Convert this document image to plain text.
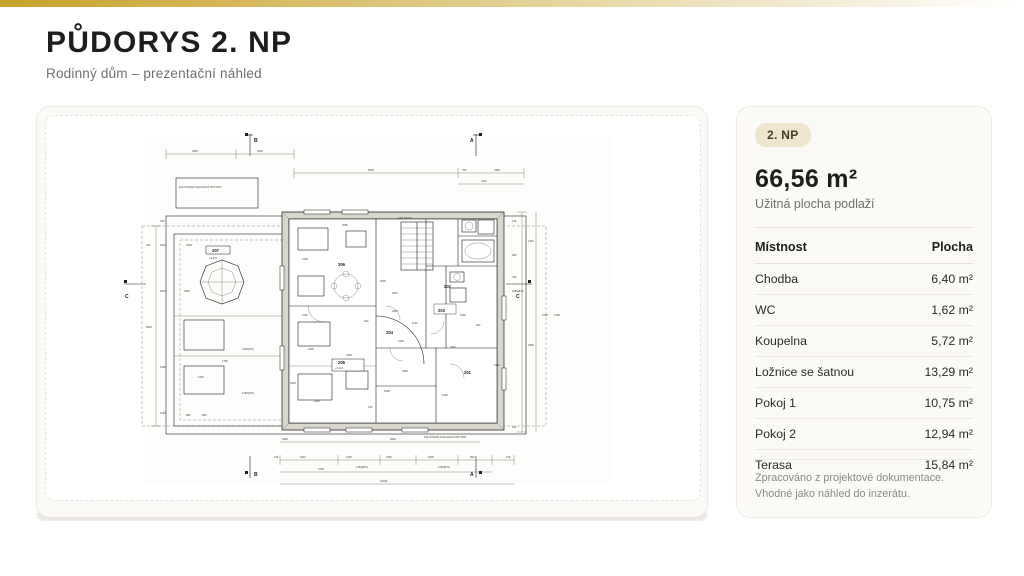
PŮDORYS 2. NP
Rodinný dům – prezentační náhled
B	A
B	A
C	C
2250	3000
6900	750	2380
2120
207
+3,370
FALCOVANÁ PLECHOVÁ KRYTINA
18x173/270
206
205
+3,122
204
203
202
201
4130
4130
2050
3200
2500
2530
1040
1140
1850
3000
2100
2910
5160
1530
920
610
2640
1500
900
2600
1250
1750
2100(270)
1250(270)
440	1810	3000
620
8260
1260
1140
1810	1560
980	900
140
2140
290
7000 7280
4390
1250(870)
790
140
5340
FALCOVANÁ PLECHOVÁ KRYTINA
2390	8300
140	5440	1000	1500	1500	890	140
1250(870)	1250(870)
9750
10030
2. NP
66,56 m²
Užitná plocha podlaží
Místnost	Plocha
Chodba	6,40 m²
WC	1,62 m²
Koupelna	5,72 m²
Ložnice se šatnou	13,29 m²
Pokoj 1	10,75 m²
Pokoj 2	12,94 m²
Terasa	15,84 m²
Zpracováno z projektové dokumentace.
Vhodné jako náhled do inzerátu.
